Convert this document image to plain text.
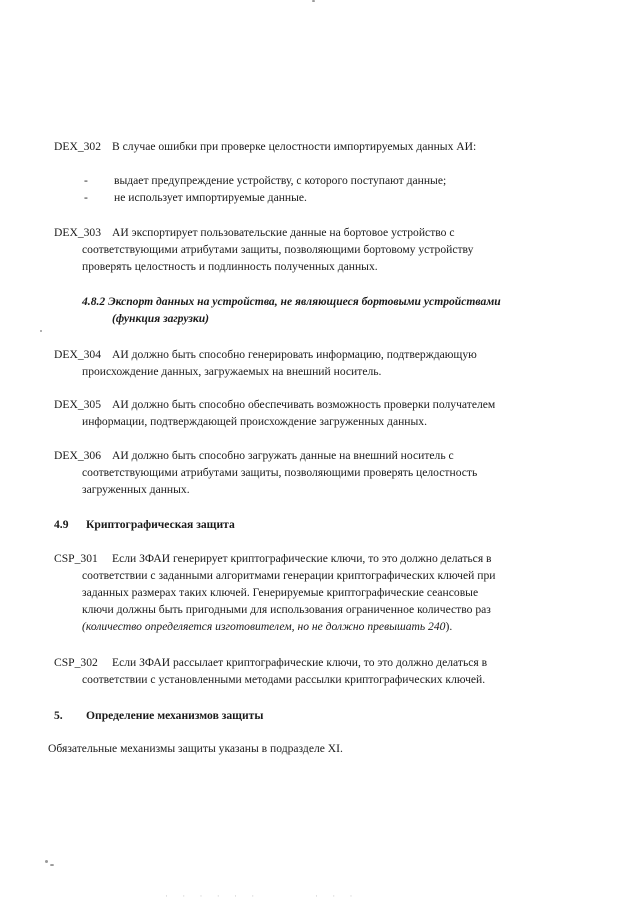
DEX_302 В случае ошибки при проверке целостности импортируемых данных АИ:
-	выдает предупреждение устройству, с которого поступают данные;
-	не использует импортируемые данные.
DEX_303 АИ экспортирует пользовательские данные на бортовое устройство с
соответствующими атрибутами защиты, позволяющими бортовому устройству
проверять целостность и подлинность полученных данных.
4.8.2 Экспорт данных на устройства, не являющиеся бортовыми устройствами
(функция загрузки)
DEX_304 АИ должно быть способно генерировать информацию, подтверждающую
происхождение данных, загружаемых на внешний носитель.
DEX_305 АИ должно быть способно обеспечивать возможность проверки получателем
информации, подтверждающей происхождение загруженных данных.
DEX_306 АИ должно быть способно загружать данные на внешний носитель с
соответствующими атрибутами защиты, позволяющими проверять целостность
загруженных данных.
4.9 Криптографическая защита
CSP_301 Если ЗФАИ генерирует криптографические ключи, то это должно делаться в
соответствии с заданными алгоритмами генерации криптографических ключей при
заданных размерах таких ключей. Генерируемые криптографические сеансовые
ключи должны быть пригодными для использования ограниченное количество раз
(количество определяется изготовителем, но не должно превышать 240).
CSP_302 Если ЗФАИ рассылает криптографические ключи, то это должно делаться в
соответствии с установленными методами рассылки криптографических ключей.
5. Определение механизмов защиты
Обязательные механизмы защиты указаны в подразделе XI.
· · · · · ·	· · ·
